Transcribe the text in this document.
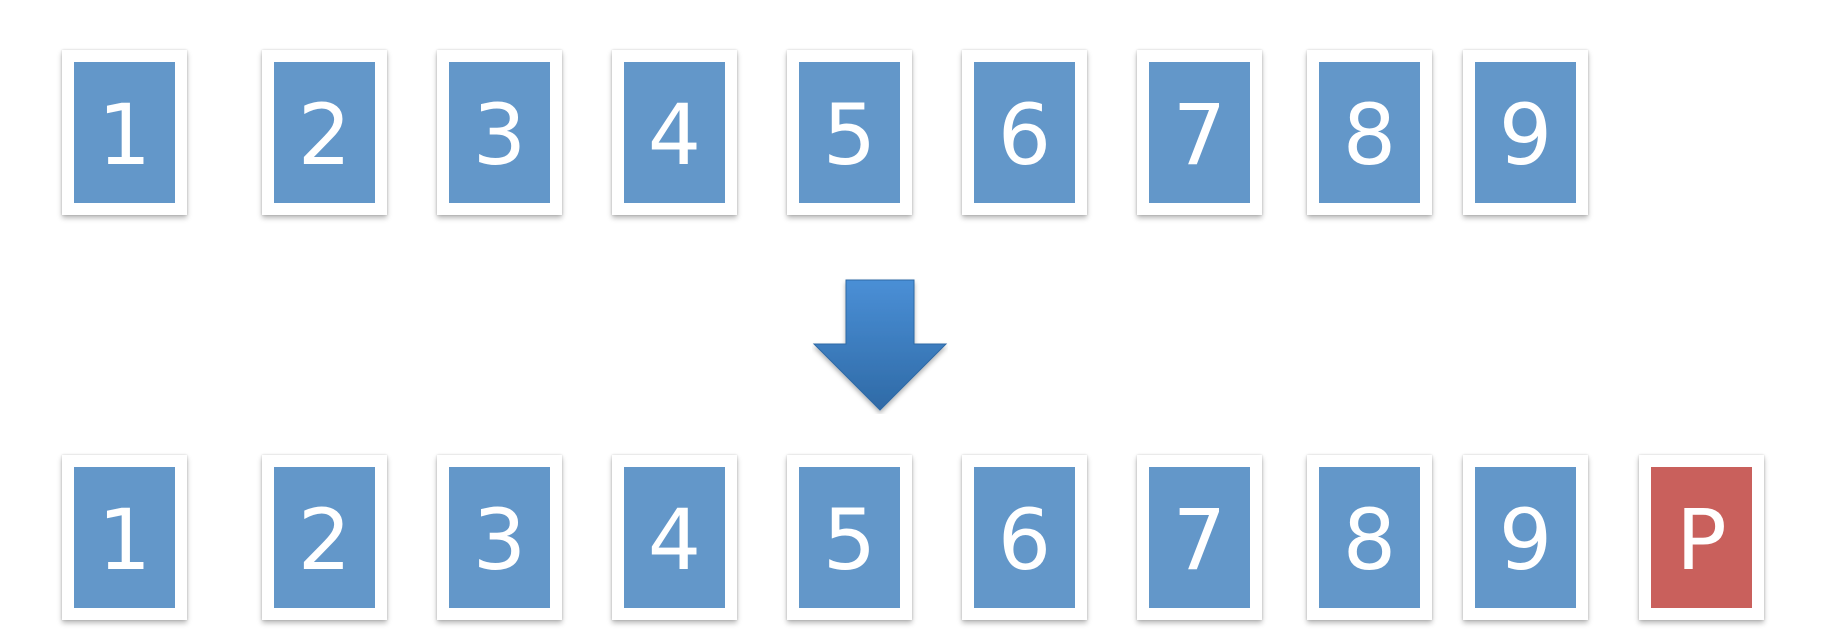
1 2 3 4 5 6 7 8 9
1 2 3 4 5 6 7 8 9 P
